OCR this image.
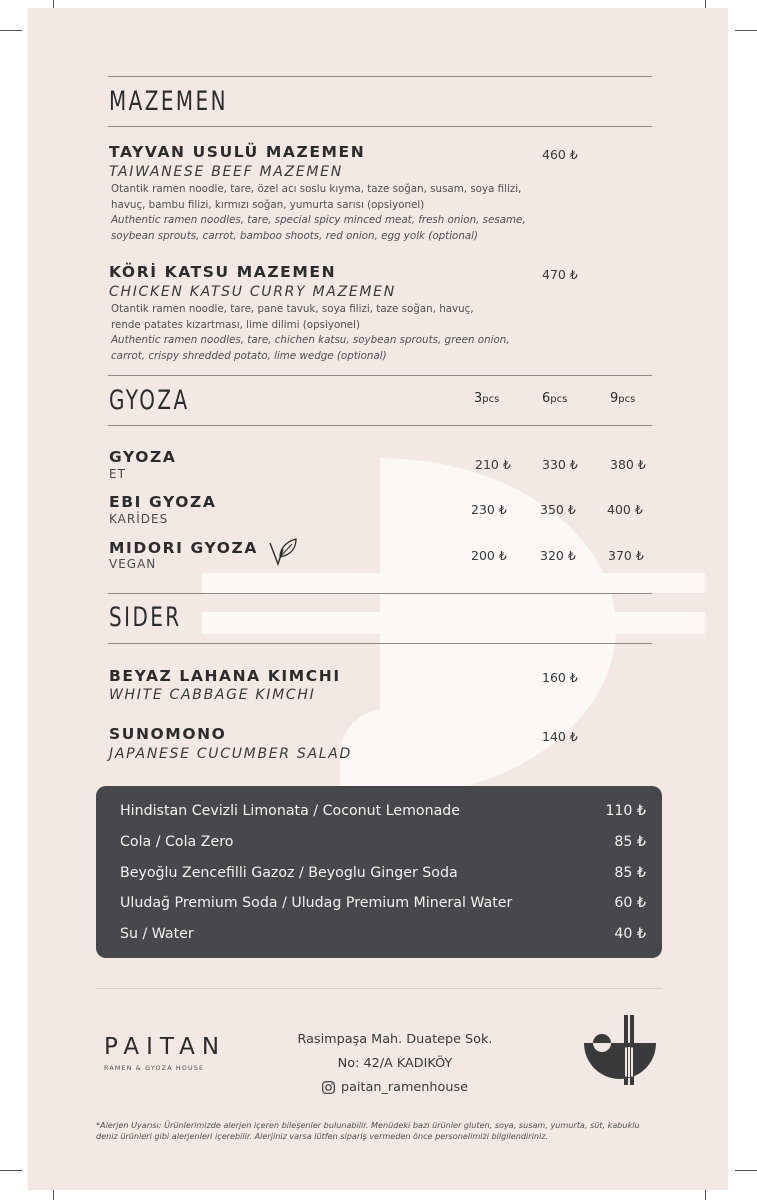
MAZEMEN
TAYVAN USULÜ MAZEMEN
TAIWANESE BEEF MAZEMEN
460 ₺
Otantik ramen noodle, tare, özel acı soslu kıyma, taze soğan, susam, soya filizi,
havuç, bambu filizi, kırmızı soğan, yumurta sarısı (opsiyonel)
Authentic ramen noodles, tare, special spicy minced meat, fresh onion, sesame,
soybean sprouts, carrot, bamboo shoots, red onion, egg yolk (optional)
KÖRİ KATSU MAZEMEN
CHICKEN KATSU CURRY MAZEMEN
470 ₺
Otantik ramen noodle, tare, pane tavuk, soya filizi, taze soğan, havuç,
rende patates kızartması, lime dilimi (opsiyonel)
Authentic ramen noodles, tare, chichen katsu, soybean sprouts, green onion,
carrot, crispy shredded potato, lime wedge (optional)
GYOZA	3pcs	6pcs	9pcs
GYOZA
ET
210 ₺ 330 ₺	380 ₺
EBI GYOZA
KARİDES
230 ₺	350 ₺ 400 ₺
MIDORI GYOZA
VEGAN
200 ₺	320 ₺	370 ₺
SIDER
BEYAZ LAHANA KIMCHI
WHITE CABBAGE KIMCHI
160 ₺
SUNOMONO
JAPANESE CUCUMBER SALAD
140 ₺
Hindistan Cevizli Limonata / Coconut Lemonade	110 ₺
Cola / Cola Zero	85 ₺
Beyoğlu Zencefilli Gazoz / Beyoglu Ginger Soda	85 ₺
Uludağ Premium Soda / Uludag Premium Mineral Water	60 ₺
Su / Water	40 ₺
PAITAN
RAMEN & GYOZA HOUSE
Rasimpaşa Mah. Duatepe Sok.
No: 42/A KADIKÖY
paitan_ramenhouse
*Alerjen Uyarısı: Ürünlerimizde alerjen içeren bileşenler bulunabilir. Menüdeki bazı ürünler gluten, soya, susam, yumurta, süt, kabuklu deniz ürünleri gibi alerjenleri içerebilir. Alerjiniz varsa lütfen sipariş vermeden önce personelimizi bilgilendiriniz.
